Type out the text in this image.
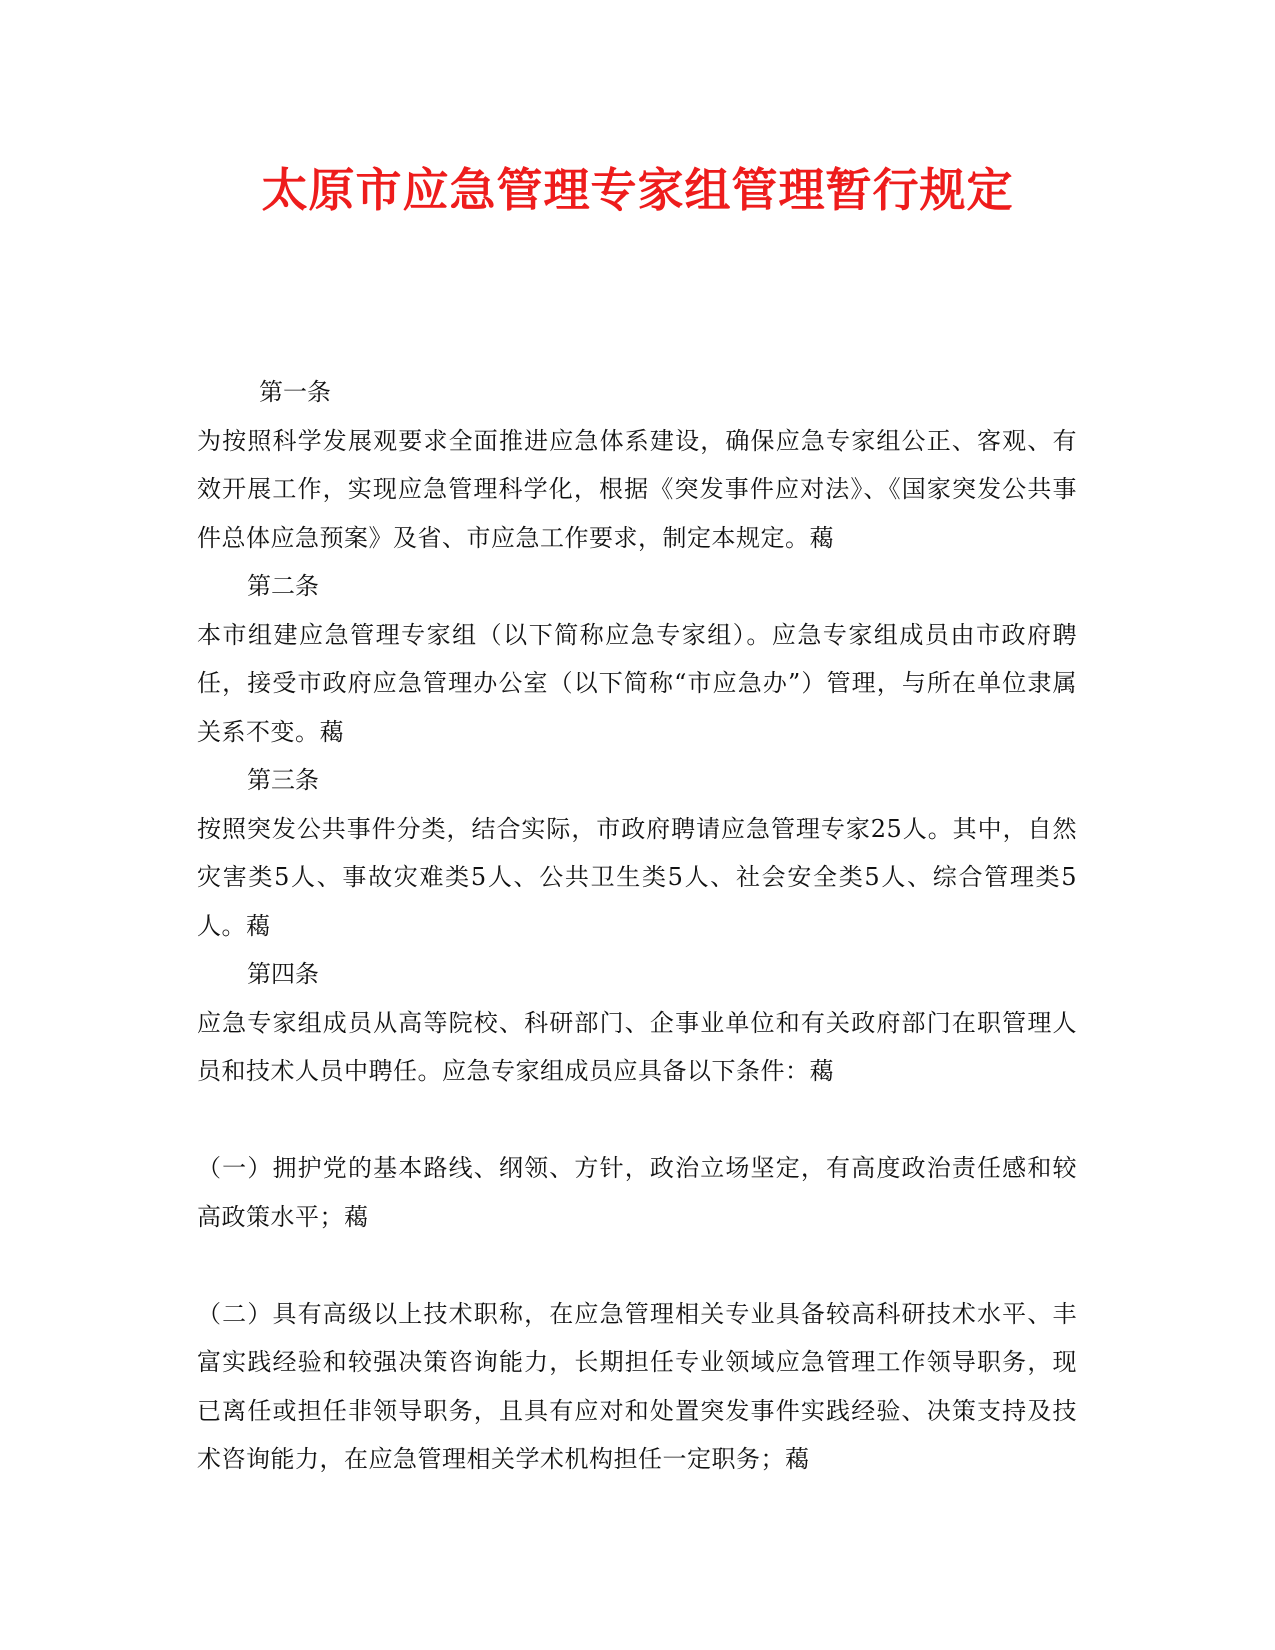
太原市应急管理专家组管理暂行规定

第一条

为按照科学发展观要求全面推进应急体系建设，确保应急专家组公正、客观、有效开展工作，实现应急管理科学化，根据《突发事件应对法》、《国家突发公共事件总体应急预案》及省、市应急工作要求，制定本规定。藒

第二条

本市组建应急管理专家组（以下简称应急专家组）。应急专家组成员由市政府聘任，接受市政府应急管理办公室（以下简称“市应急办”）管理，与所在单位隶属关系不变。藒

第三条

按照突发公共事件分类，结合实际，市政府聘请应急管理专家25人。其中，自然灾害类5人、事故灾难类5人、公共卫生类5人、社会安全类5人、综合管理类5人。藒

第四条

应急专家组成员从高等院校、科研部门、企事业单位和有关政府部门在职管理人员和技术人员中聘任。应急专家组成员应具备以下条件：藒

（一）拥护党的基本路线、纲领、方针，政治立场坚定，有高度政治责任感和较高政策水平；藒

（二）具有高级以上技术职称，在应急管理相关专业具备较高科研技术水平、丰富实践经验和较强决策咨询能力，长期担任专业领域应急管理工作领导职务，现已离任或担任非领导职务，且具有应对和处置突发事件实践经验、决策支持及技术咨询能力，在应急管理相关学术机构担任一定职务；藒
